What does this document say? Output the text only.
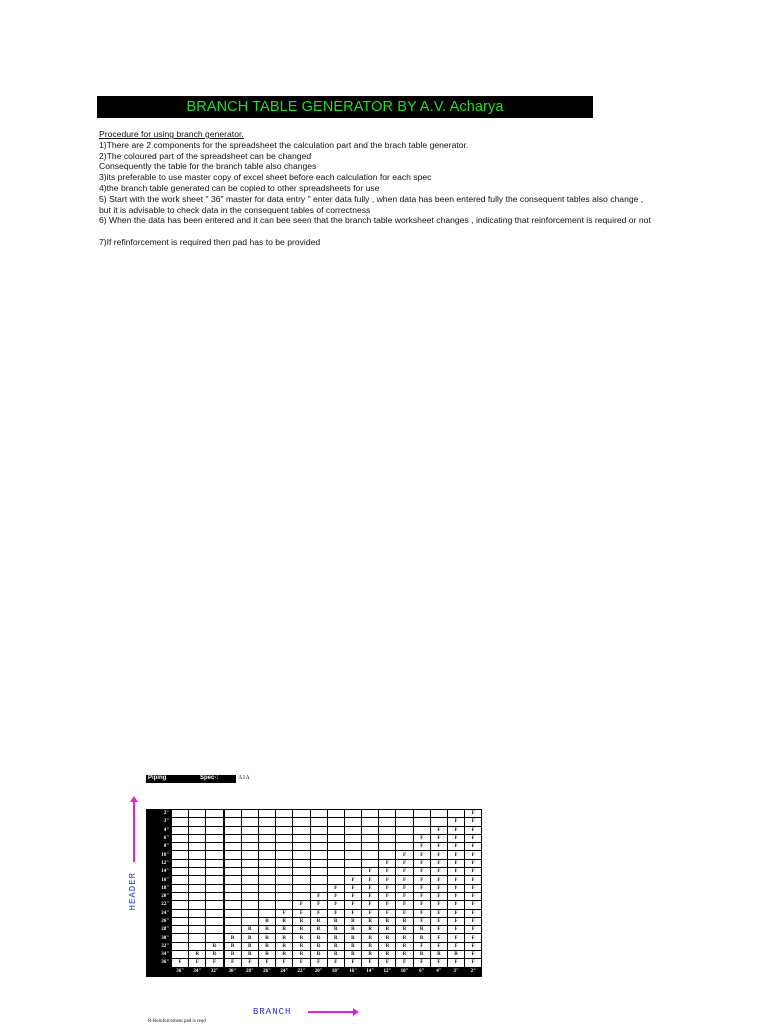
BRANCH TABLE GENERATOR BY A.V. Acharya
Procedure for using branch generator.
1)There are 2 components for the spreadsheet the calculation part and the brach table generator.
2)The coloured part of the spreadsheet can be changed
Consequently the table for the branch table also changes
3)its preferable to use master copy of excel sheet before each calculation for each spec
4)the branch table generated can be copied to other spreadsheets for use
5) Start with the work sheet " 36" master for data entry " enter data fully , when data has been entered fully the consequent tables also change ,
but it is advisable to check data in the consequent tables of correctness
6) When the data has been entered and it can bee seen that the branch table worksheet changes , indicating that reinforcement is required or not
7)If refinforcement is required then pad has to be provided
Piping	Spec-:	A1A
HEADER
2"																		F
3"																	F	F
4"																F	F	F
6"															F	F	F	F
8"															F	F	F	F
10"														F	F	F	F	F
12"													F	F	F	F	F	F
14"												F	F	F	F	F	F	F
16"											F	F	F	F	F	F	F	F
18"										F	F	F	F	F	F	F	F	F
20"									F	F	F	F	F	F	F	F	F	F
22"								F	F	F	F	F	F	F	F	F	F	F
24"							F	F	F	F	F	F	F	F	F	F	F	F
26"						R	R	R	R	R	R	R	R	R	F	F	F	F
28"					R	R	R	R	R	R	R	R	R	R	R	F	F	F
30"				R	R	R	R	R	R	R	R	R	R	R	R	F	F	F
32"			R	R	R	R	R	R	R	R	R	R	R	R	F	F	F	F
34"		R	R	R	R	R	R	R	R	R	R	R	R	R	R	R	R	F
36"	F	F	F	F	F	F	F	F	F	F	F	F	F	F	F	F	F	F
	36"	34"	32"	30"	28"	26"	24"	22"	20"	18"	16"	14"	12"	10"	6"	4"	3"	2"
BRANCH
R-Reinforcement pad is reqd
